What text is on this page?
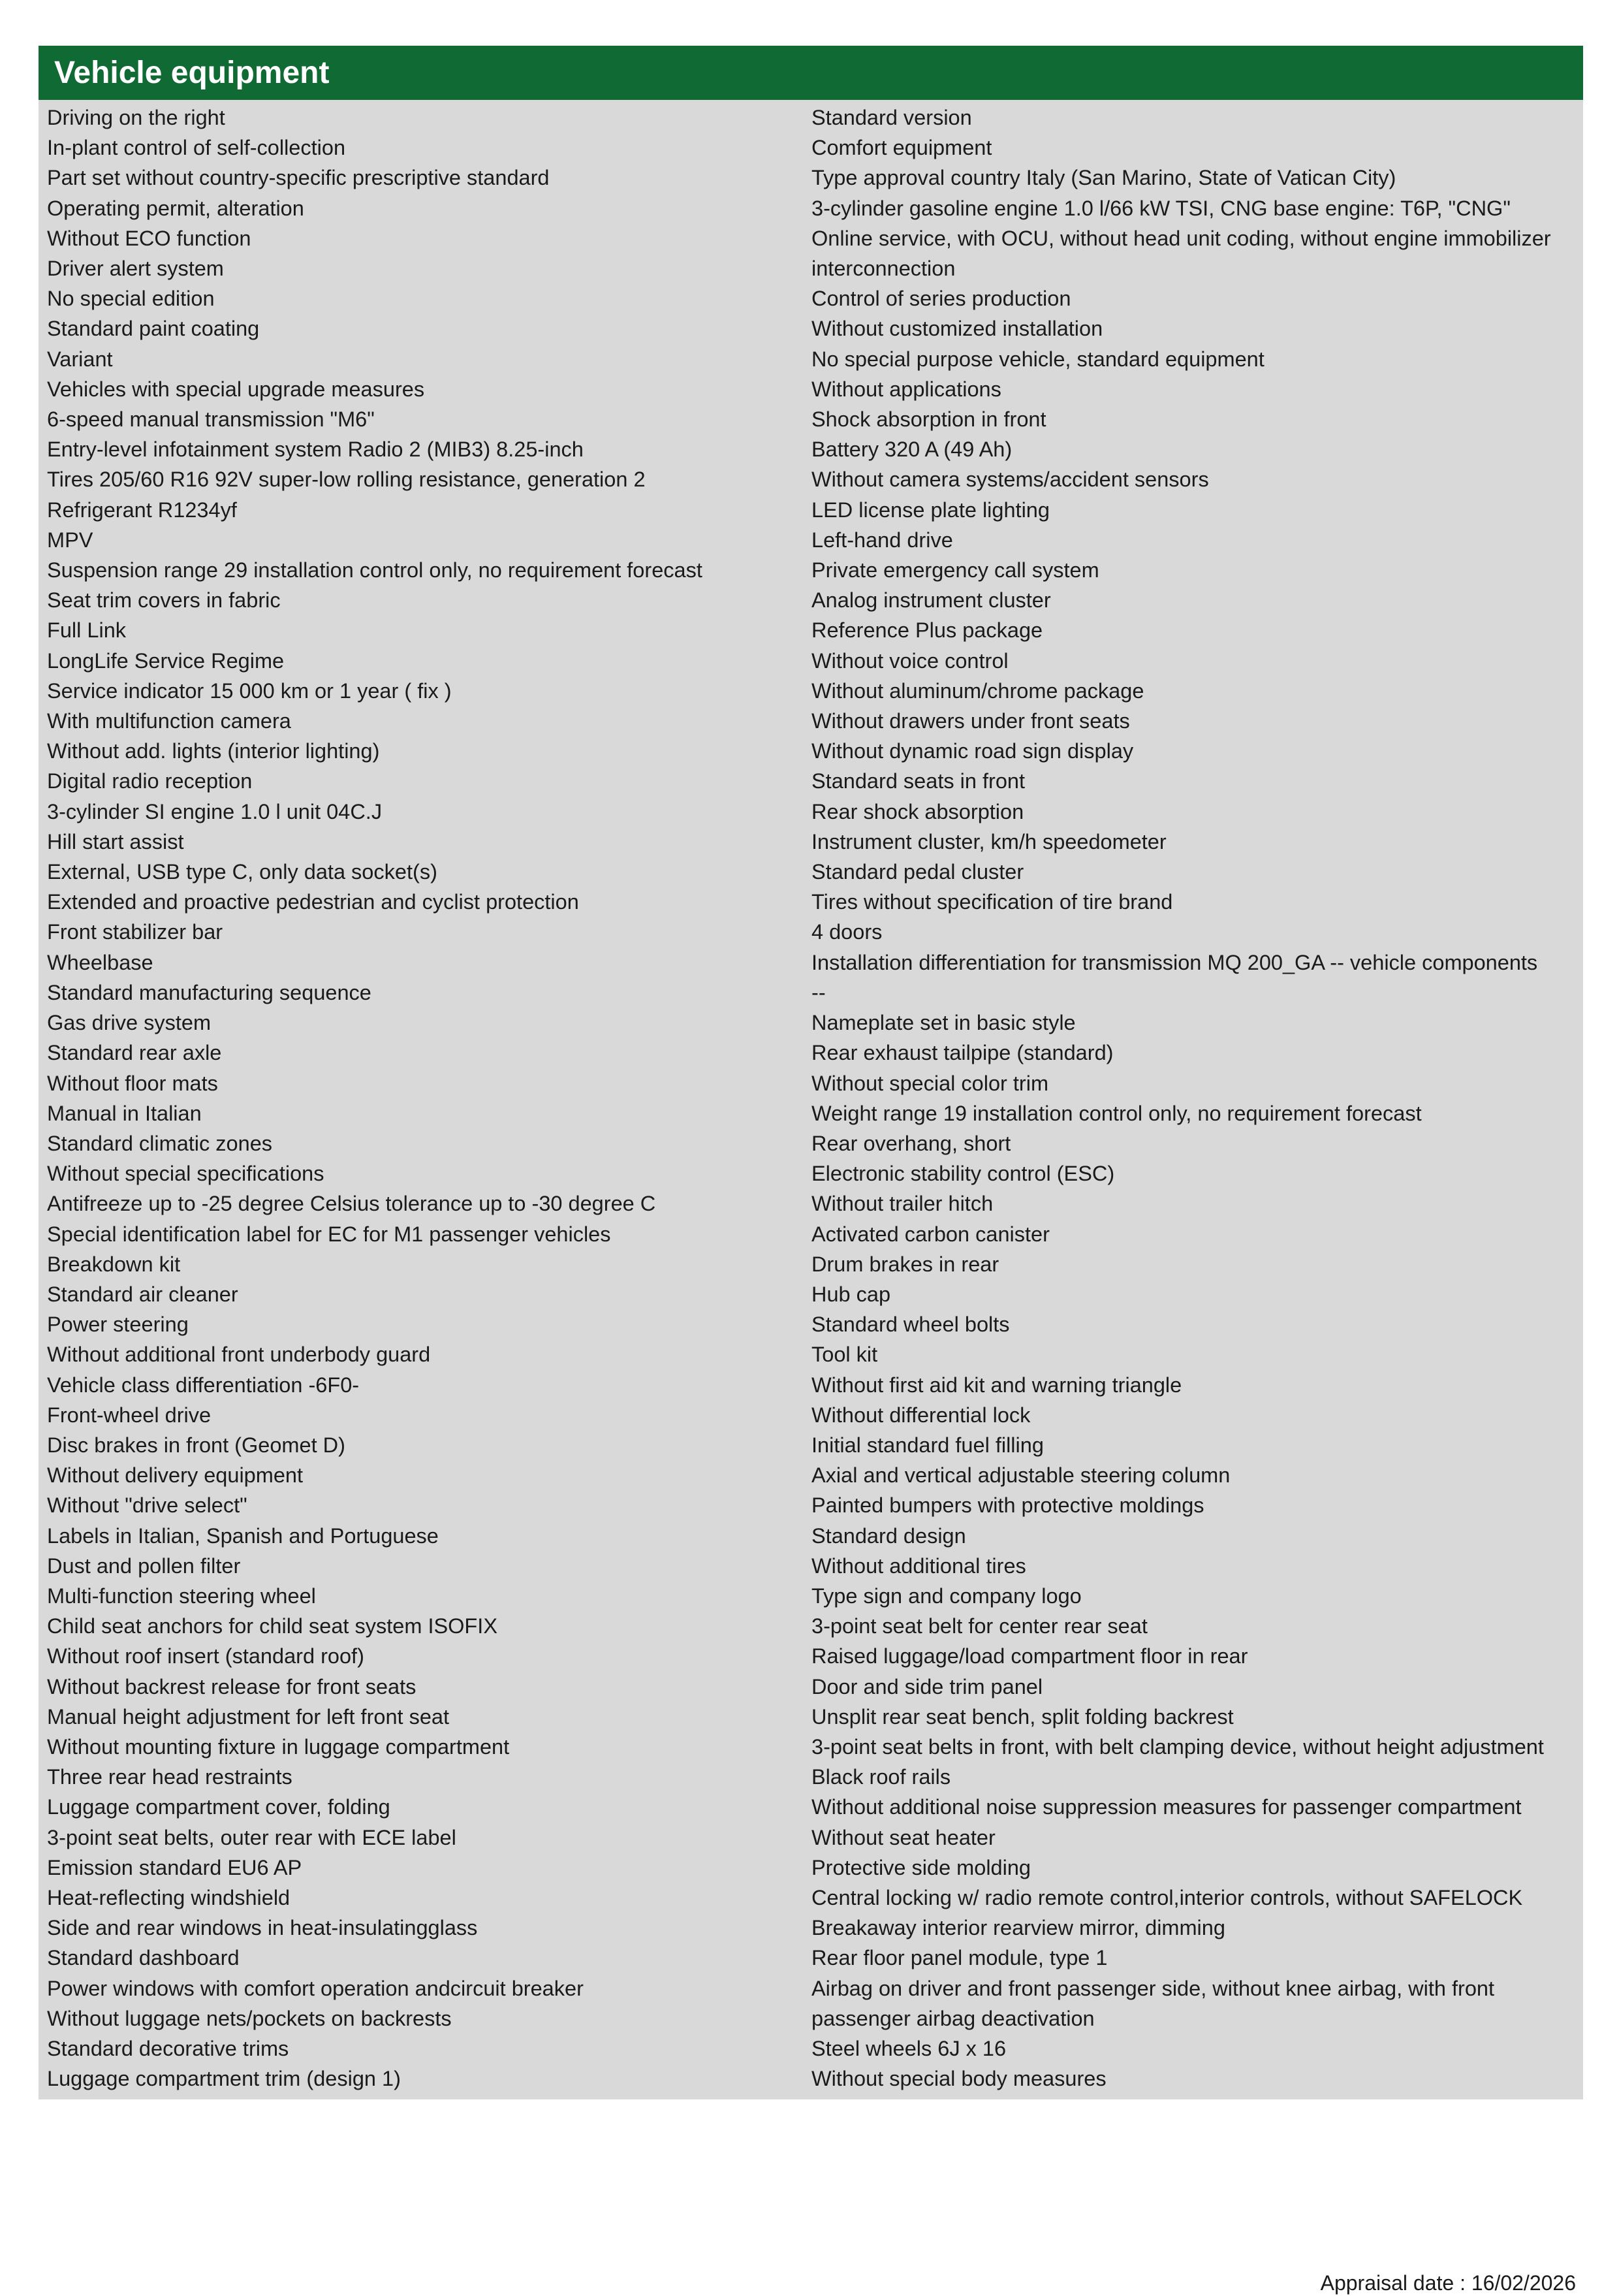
Vehicle equipment
Driving on the right
In-plant control of self-collection
Part set without country-specific prescriptive standard
Operating permit, alteration
Without ECO function
Driver alert system
No special edition
Standard paint coating
Variant
Vehicles with special upgrade measures
6-speed manual transmission "M6"
Entry-level infotainment system Radio 2 (MIB3) 8.25-inch
Tires 205/60 R16 92V super-low rolling resistance, generation 2
Refrigerant R1234yf
MPV
Suspension range 29 installation control only, no requirement forecast
Seat trim covers in fabric
Full Link
LongLife Service Regime
Service indicator 15 000 km or 1 year ( fix )
With multifunction camera
Without add. lights (interior lighting)
Digital radio reception
3-cylinder SI engine 1.0 l unit 04C.J
Hill start assist
External, USB type C, only data socket(s)
Extended and proactive pedestrian and cyclist protection
Front stabilizer bar
Wheelbase
Standard manufacturing sequence
Gas drive system
Standard rear axle
Without floor mats
Manual in Italian
Standard climatic zones
Without special specifications
Antifreeze up to -25 degree Celsius tolerance up to -30 degree C
Special identification label for EC for M1 passenger vehicles
Breakdown kit
Standard air cleaner
Power steering
Without additional front underbody guard
Vehicle class differentiation -6F0-
Front-wheel drive
Disc brakes in front (Geomet D)
Without delivery equipment
Without "drive select"
Labels in Italian, Spanish and Portuguese
Dust and pollen filter
Multi-function steering wheel
Child seat anchors for child seat system ISOFIX
Without roof insert (standard roof)
Without backrest release for front seats
Manual height adjustment for left front seat
Without mounting fixture in luggage compartment
Three rear head restraints
Luggage compartment cover, folding
3-point seat belts, outer rear with ECE label
Emission standard EU6 AP
Heat-reflecting windshield
Side and rear windows in heat-insulatingglass
Standard dashboard
Power windows with comfort operation andcircuit breaker
Without luggage nets/pockets on backrests
Standard decorative trims
Luggage compartment trim (design 1)
Standard version
Comfort equipment
Type approval country Italy (San Marino, State of Vatican City)
3-cylinder gasoline engine 1.0 l/66 kW TSI, CNG base engine: T6P, "CNG"
Online service, with OCU, without head unit coding, without engine immobilizer interconnection
Control of series production
Without customized installation
No special purpose vehicle, standard equipment
Without applications
Shock absorption in front
Battery 320 A (49 Ah)
Without camera systems/accident sensors
LED license plate lighting
Left-hand drive
Private emergency call system
Analog instrument cluster
Reference Plus package
Without voice control
Without aluminum/chrome package
Without drawers under front seats
Without dynamic road sign display
Standard seats in front
Rear shock absorption
Instrument cluster, km/h speedometer
Standard pedal cluster
Tires without specification of tire brand
4 doors
Installation differentiation for transmission MQ 200_GA -- vehicle components
--
Nameplate set in basic style
Rear exhaust tailpipe (standard)
Without special color trim
Weight range 19 installation control only, no requirement forecast
Rear overhang, short
Electronic stability control (ESC)
Without trailer hitch
Activated carbon canister
Drum brakes in rear
Hub cap
Standard wheel bolts
Tool kit
Without first aid kit and warning triangle
Without differential lock
Initial standard fuel filling
Axial and vertical adjustable steering column
Painted bumpers with protective moldings
Standard design
Without additional tires
Type sign and company logo
3-point seat belt for center rear seat
Raised luggage/load compartment floor in rear
Door and side trim panel
Unsplit rear seat bench, split folding backrest
3-point seat belts in front, with belt clamping device, without height adjustment
Black roof rails
Without additional noise suppression measures for passenger compartment
Without seat heater
Protective side molding
Central locking w/ radio remote control,interior controls, without SAFELOCK
Breakaway interior rearview mirror, dimming
Rear floor panel module, type 1
Airbag on driver and front passenger side, without knee airbag, with front passenger airbag deactivation
Steel wheels 6J x 16
Without special body measures
Appraisal date : 16/02/2026
